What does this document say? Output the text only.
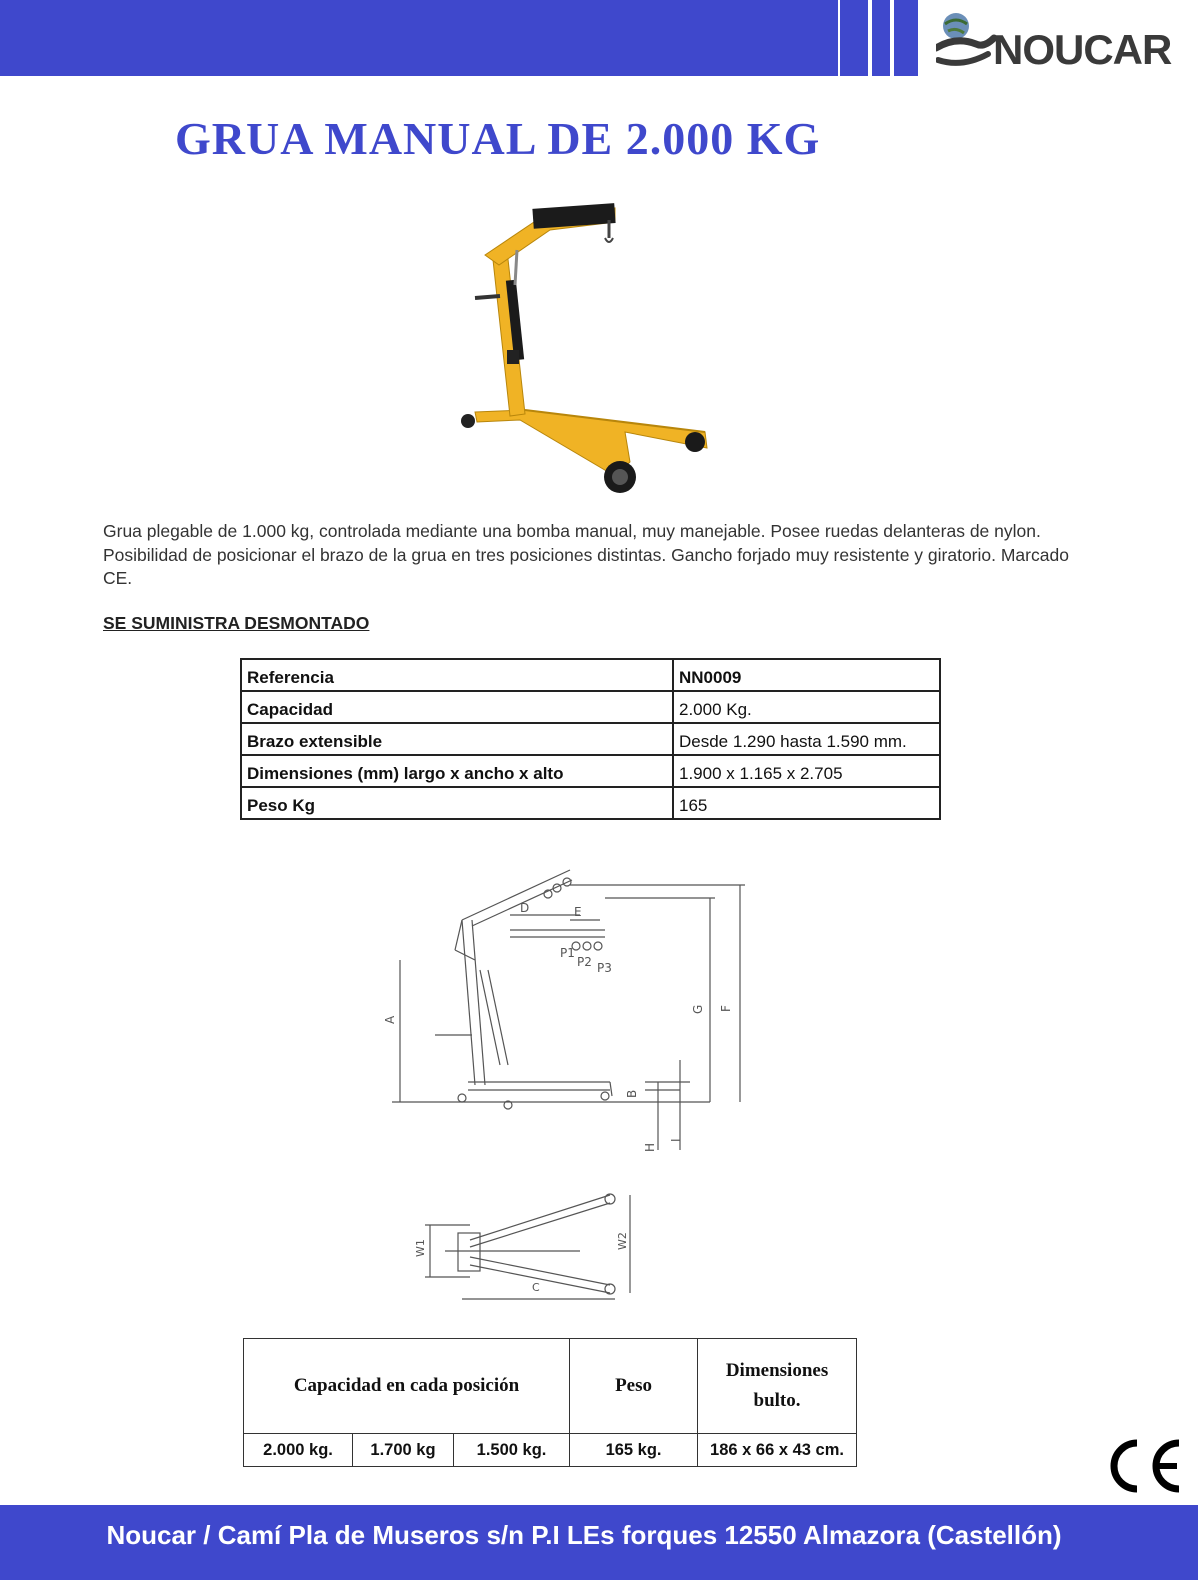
NOUCAR
GRUA MANUAL DE 2.000 KG
Grua plegable de 1.000 kg, controlada mediante una bomba manual, muy manejable. Posee ruedas delanteras de nylon. Posibilidad de posicionar el brazo de la grua en tres posiciones distintas. Gancho forjado muy resistente y giratorio. Marcado CE.
SE SUMINISTRA DESMONTADO
Referencia	NN0009
Capacidad	2.000 Kg.
Brazo extensible	Desde 1.290 hasta 1.590 mm.
Dimensiones (mm) largo x ancho x alto	1.900 x 1.165 x 2.705
Peso Kg	165
A
D	E
P1
P2 P3
G F
B
H
I
W1	W2
C
Capacidad en cada posición			Peso	Dimensiones
bulto.

2.000 kg.	1.700 kg	1.500 kg.	165 kg.	186 x 66 x 43 cm.
Noucar / Camí Pla de Museros s/n P.I LEs forques 12550 Almazora (Castellón)
